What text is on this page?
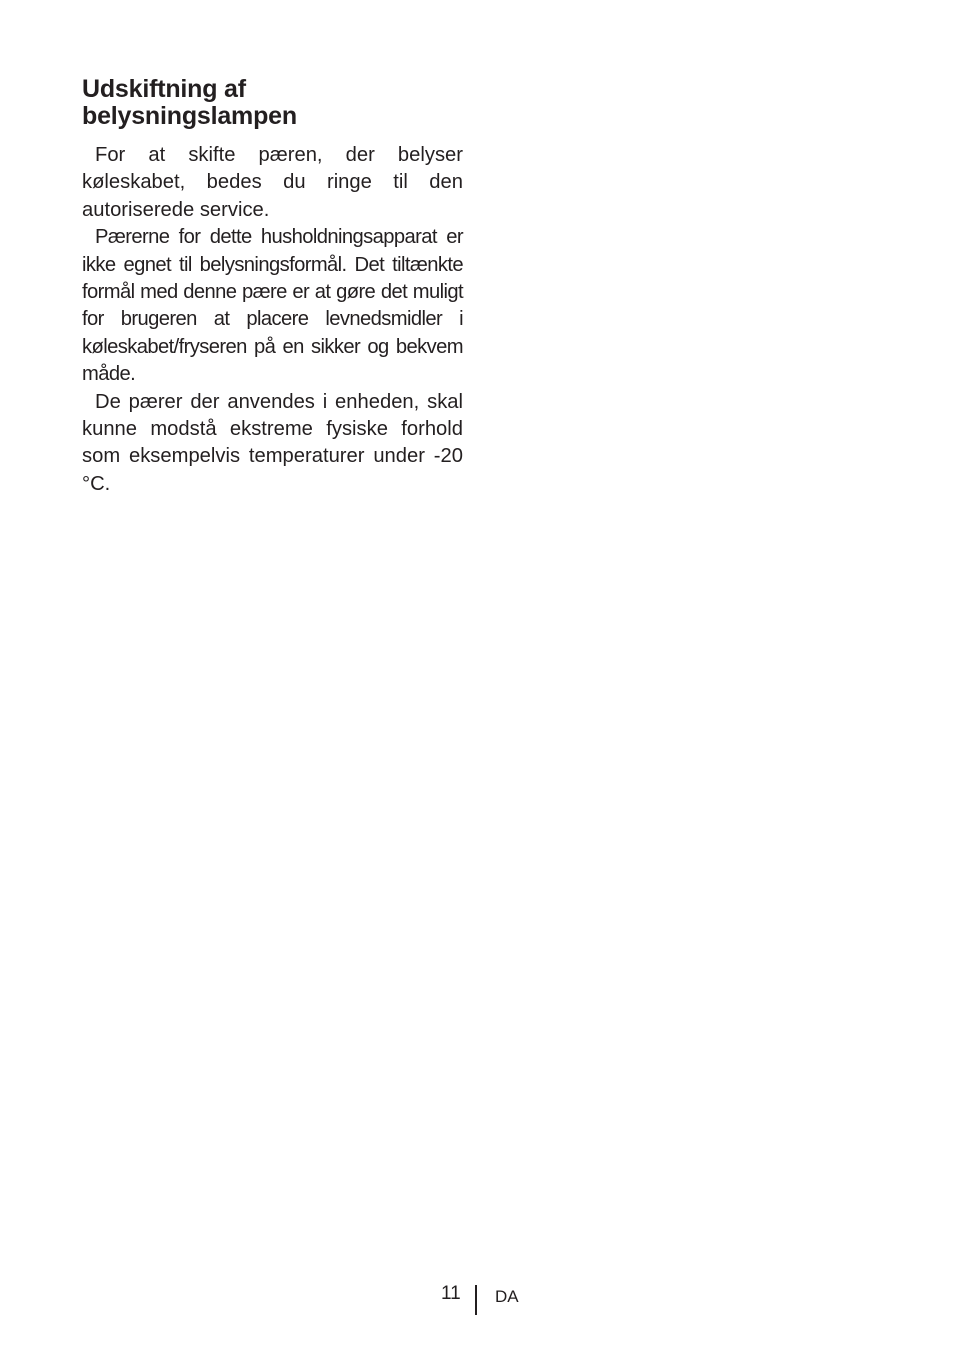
Udskiftning af belysningslampen

For at skifte pæren, der belyser køleskabet, bedes du ringe til den autoriserede service.

Pærerne for dette husholdningsapparat er ikke egnet til belysningsformål. Det tiltænkte formål med denne pære er at gøre det muligt for brugeren at placere levnedsmidler i køleskabet/fryseren på en sikker og bekvem måde.

De pærer der anvendes i enheden, skal kunne modstå ekstreme fysiske forhold som eksempelvis temperaturer under -20 °C.

11 DA
